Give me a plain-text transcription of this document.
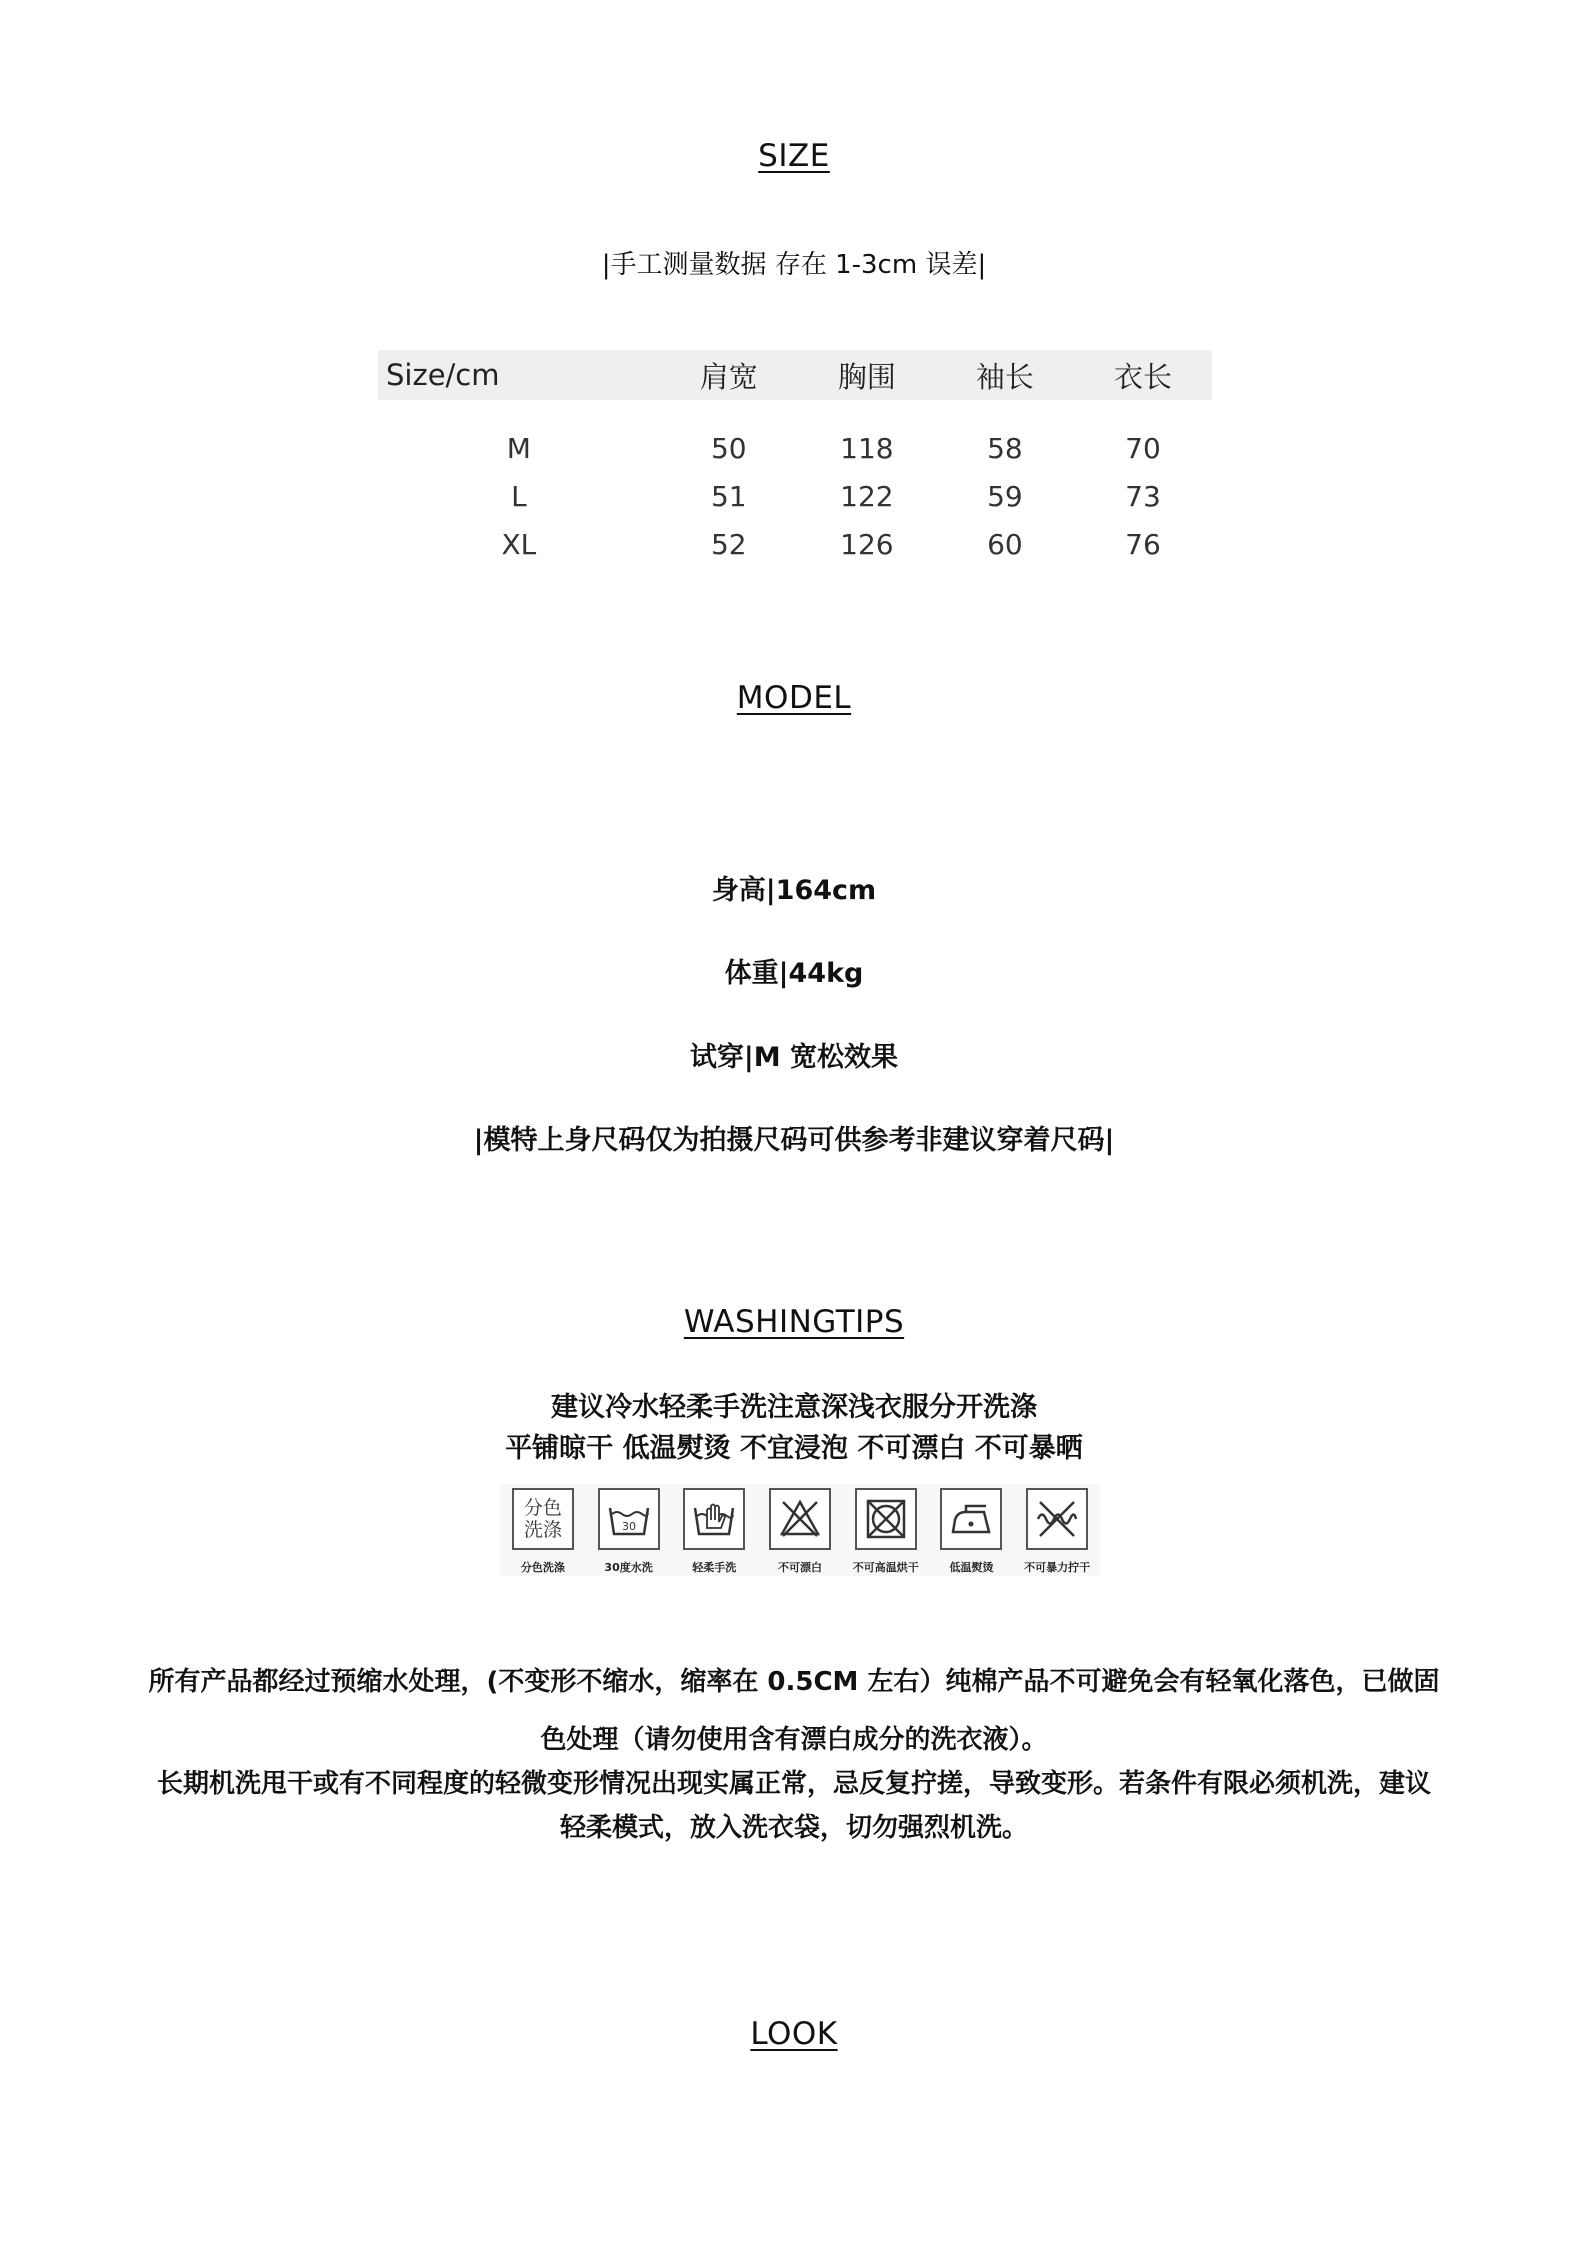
SIZE
|手工测量数据 存在 1-3cm 误差|
Size/cm	肩宽	胸围	袖长	衣长

M	50	118	58	70
L	51	122	59	73
XL	52	126	60	76
MODEL
身高|164cm
体重|44kg
试穿|M 宽松效果
|模特上身尺码仅为拍摄尺码可供参考非建议穿着尺码|
WASHINGTIPS
建议冷水轻柔手洗注意深浅衣服分开洗涤
平铺晾干 低温熨烫 不宜浸泡 不可漂白 不可暴晒
分色
洗涤
分色洗涤
30
30度水洗	轻柔手洗	不可漂白	不可高温烘干	低温熨烫	不可暴力拧干
所有产品都经过预缩水处理，(不变形不缩水，缩率在 0.5CM 左右）纯棉产品不可避免会有轻氧化落色，已做固
色处理（请勿使用含有漂白成分的洗衣液）。
长期机洗甩干或有不同程度的轻微变形情况出现实属正常，忌反复拧搓，导致变形。若条件有限必须机洗，建议
轻柔模式，放入洗衣袋，切勿强烈机洗。
LOOK
